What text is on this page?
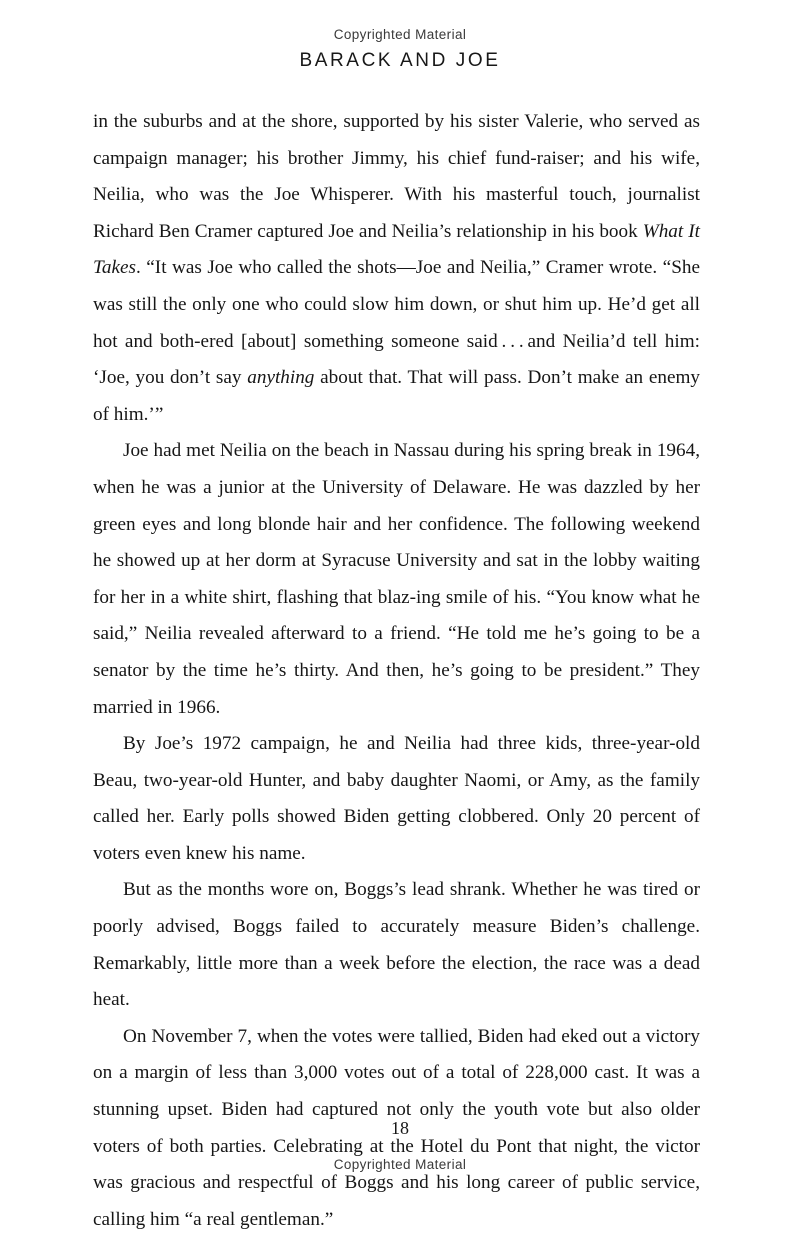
Copyrighted Material
BARACK AND JOE

in the suburbs and at the shore, supported by his sister Valerie, who served as campaign manager; his brother Jimmy, his chief fund-raiser; and his wife, Neilia, who was the Joe Whisperer. With his masterful touch, journalist Richard Ben Cramer captured Joe and Neilia’s relationship in his book What It Takes. “It was Joe who called the shots—Joe and Neilia,” Cramer wrote. “She was still the only one who could slow him down, or shut him up. He’d get all hot and both-ered [about] something someone said . . . and Neilia’d tell him: ‘Joe, you don’t say anything about that. That will pass. Don’t make an enemy of him.’”

Joe had met Neilia on the beach in Nassau during his spring break in 1964, when he was a junior at the University of Delaware. He was dazzled by her green eyes and long blonde hair and her confidence. The following weekend he showed up at her dorm at Syracuse University and sat in the lobby waiting for her in a white shirt, flashing that blaz-ing smile of his. “You know what he said,” Neilia revealed afterward to a friend. “He told me he’s going to be a senator by the time he’s thirty. And then, he’s going to be president.” They married in 1966.

By Joe’s 1972 campaign, he and Neilia had three kids, three-year-old Beau, two-year-old Hunter, and baby daughter Naomi, or Amy, as the family called her. Early polls showed Biden getting clobbered. Only 20 percent of voters even knew his name.

But as the months wore on, Boggs’s lead shrank. Whether he was tired or poorly advised, Boggs failed to accurately measure Biden’s challenge. Remarkably, little more than a week before the election, the race was a dead heat.

On November 7, when the votes were tallied, Biden had eked out a victory on a margin of less than 3,000 votes out of a total of 228,000 cast. It was a stunning upset. Biden had captured not only the youth vote but also older voters of both parties. Celebrating at the Hotel du Pont that night, the victor was gracious and respectful of Boggs and his long career of public service, calling him “a real gentleman.”

18
Copyrighted Material
